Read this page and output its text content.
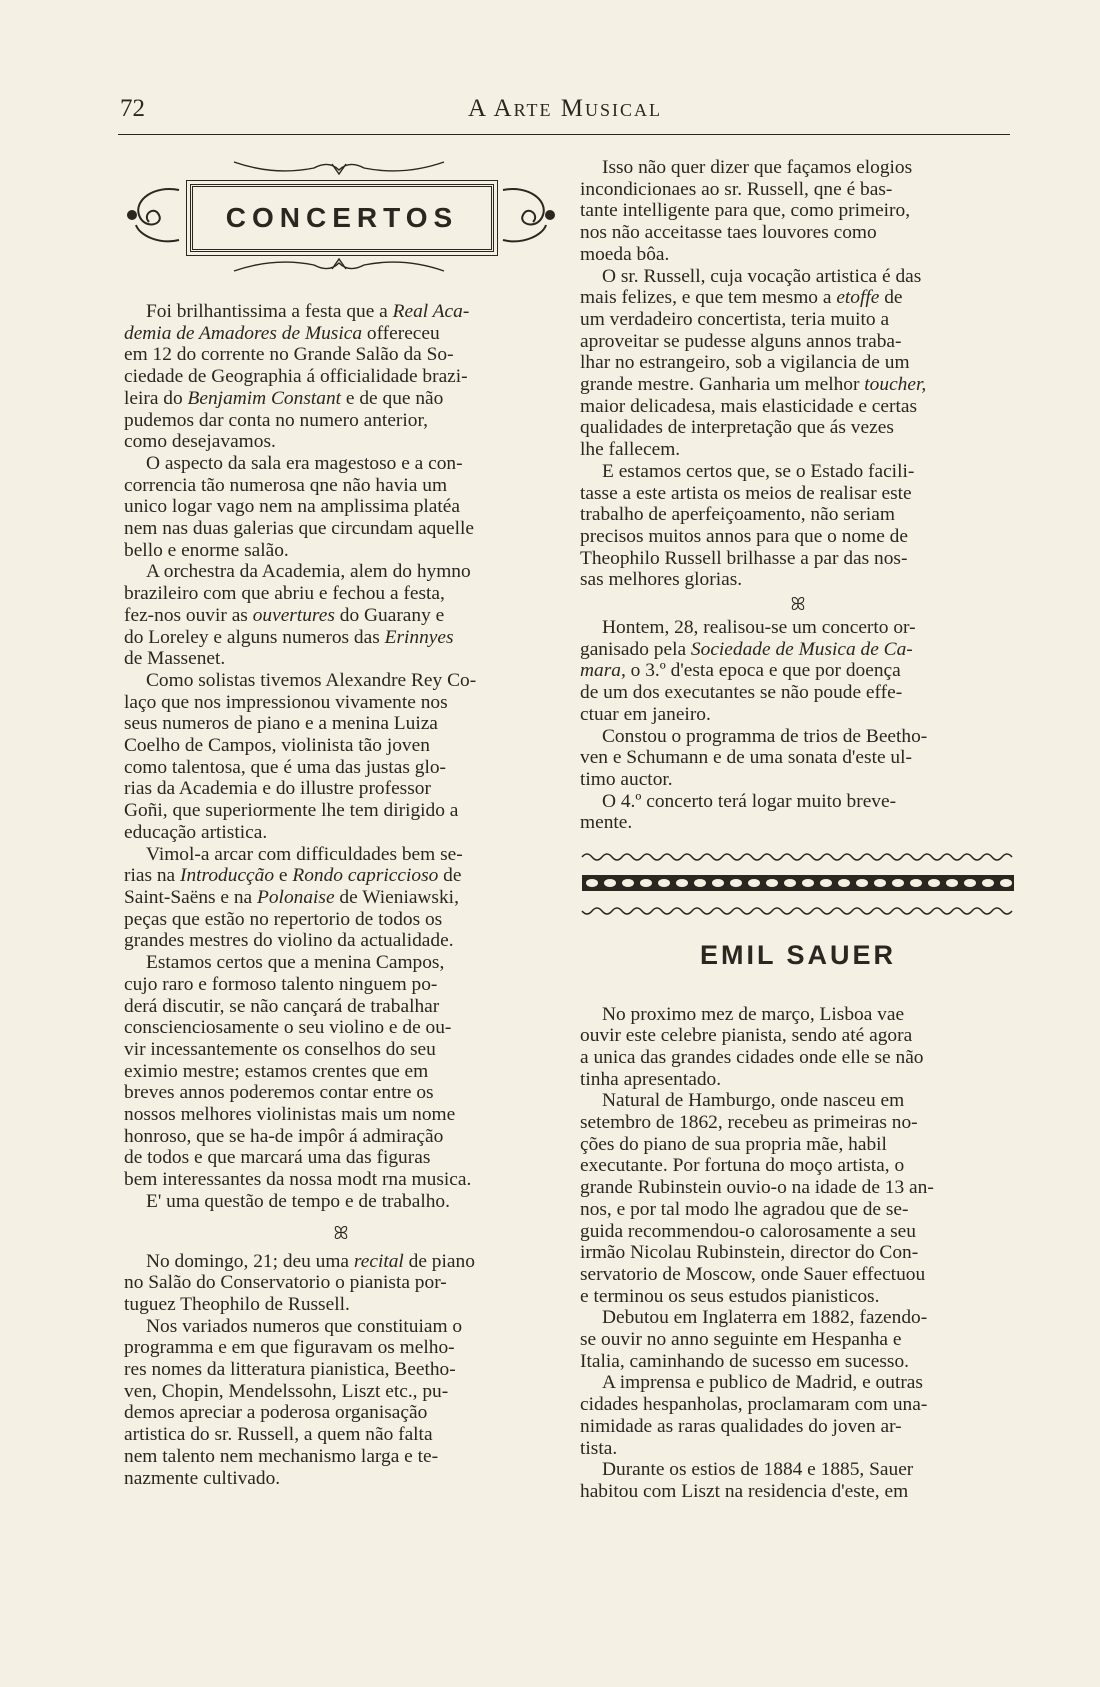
72	A Arte Musical
CONCERTOS

Foi brilhantissima a festa que a Real Aca-
demia de Amadores de Musica offereceu
em 12 do corrente no Grande Salão da So-
ciedade de Geographia á officialidade brazi-
leira do Benjamim Constant e de que não
pudemos dar conta no numero anterior,
como desejavamos.

O aspecto da sala era magestoso e a con-
correncia tão numerosa qne não havia um
unico logar vago nem na amplissima platéa
nem nas duas galerias que circundam aquelle
bello e enorme salão.

A orchestra da Academia, alem do hymno
brazileiro com que abriu e fechou a festa,
fez-nos ouvir as ouvertures do Guarany e
do Loreley e alguns numeros das Erinnyes
de Massenet.

Como solistas tivemos Alexandre Rey Co-
laço que nos impressionou vivamente nos
seus numeros de piano e a menina Luiza
Coelho de Campos, violinista tão joven
como talentosa, que é uma das justas glo-
rias da Academia e do illustre professor
Goñi, que superiormente lhe tem dirigido a
educação artistica.

Vimol-a arcar com difficuldades bem se-
rias na Introducção e Rondo capriccioso de
Saint-Saëns e na Polonaise de Wieniawski,
peças que estão no repertorio de todos os
grandes mestres do violino da actualidade.

Estamos certos que a menina Campos,
cujo raro e formoso talento ninguem po-
derá discutir, se não cançará de trabalhar
conscienciosamente o seu violino e de ou-
vir incessantemente os conselhos do seu
eximio mestre; estamos crentes que em
breves annos poderemos contar entre os
nossos melhores violinistas mais um nome
honroso, que se ha-de impôr á admiração
de todos e que marcará uma das figuras
bem interessantes da nossa modt rna musica.

E' uma questão de tempo e de trabalho.

ꕤ

No domingo, 21; deu uma recital de piano
no Salão do Conservatorio o pianista por-
tuguez Theophilo de Russell.

Nos variados numeros que constituiam o
programma e em que figuravam os melho-
res nomes da litteratura pianistica, Beetho-
ven, Chopin, Mendelssohn, Liszt etc., pu-
demos apreciar a poderosa organisação
artistica do sr. Russell, a quem não falta
nem talento nem mechanismo larga e te-
nazmente cultivado.

Isso não quer dizer que façamos elogios
incondicionaes ao sr. Russell, qne é bas-
tante intelligente para que, como primeiro,
nos não acceitasse taes louvores como
moeda bôa.

O sr. Russell, cuja vocação artistica é das
mais felizes, e que tem mesmo a etoffe de
um verdadeiro concertista, teria muito a
aproveitar se pudesse alguns annos traba-
lhar no estrangeiro, sob a vigilancia de um
grande mestre. Ganharia um melhor toucher,
maior delicadesa, mais elasticidade e certas
qualidades de interpretação que ás vezes
lhe fallecem.

E estamos certos que, se o Estado facili-
tasse a este artista os meios de realisar este
trabalho de aperfeiçoamento, não seriam
precisos muitos annos para que o nome de
Theophilo Russell brilhasse a par das nos-
sas melhores glorias.

ꕤ

Hontem, 28, realisou-se um concerto or-
ganisado pela Sociedade de Musica de Ca-
mara, o 3.º d'esta epoca e que por doença
de um dos executantes se não poude effe-
ctuar em janeiro.

Constou o programma de trios de Beetho-
ven e Schumann e de uma sonata d'este ul-
timo auctor.

O 4.º concerto terá logar muito breve-
mente.

EMIL SAUER

No proximo mez de março, Lisboa vae
ouvir este celebre pianista, sendo até agora
a unica das grandes cidades onde elle se não
tinha apresentado.

Natural de Hamburgo, onde nasceu em
setembro de 1862, recebeu as primeiras no-
ções do piano de sua propria mãe, habil
executante. Por fortuna do moço artista, o
grande Rubinstein ouvio-o na idade de 13 an-
nos, e por tal modo lhe agradou que de se-
guida recommendou-o calorosamente a seu
irmão Nicolau Rubinstein, director do Con-
servatorio de Moscow, onde Sauer effectuou
e terminou os seus estudos pianisticos.

Debutou em Inglaterra em 1882, fazendo-
se ouvir no anno seguinte em Hespanha e
Italia, caminhando de sucesso em sucesso.

A imprensa e publico de Madrid, e outras
cidades hespanholas, proclamaram com una-
nimidade as raras qualidades do joven ar-
tista.

Durante os estios de 1884 e 1885, Sauer
habitou com Liszt na residencia d'este, em
